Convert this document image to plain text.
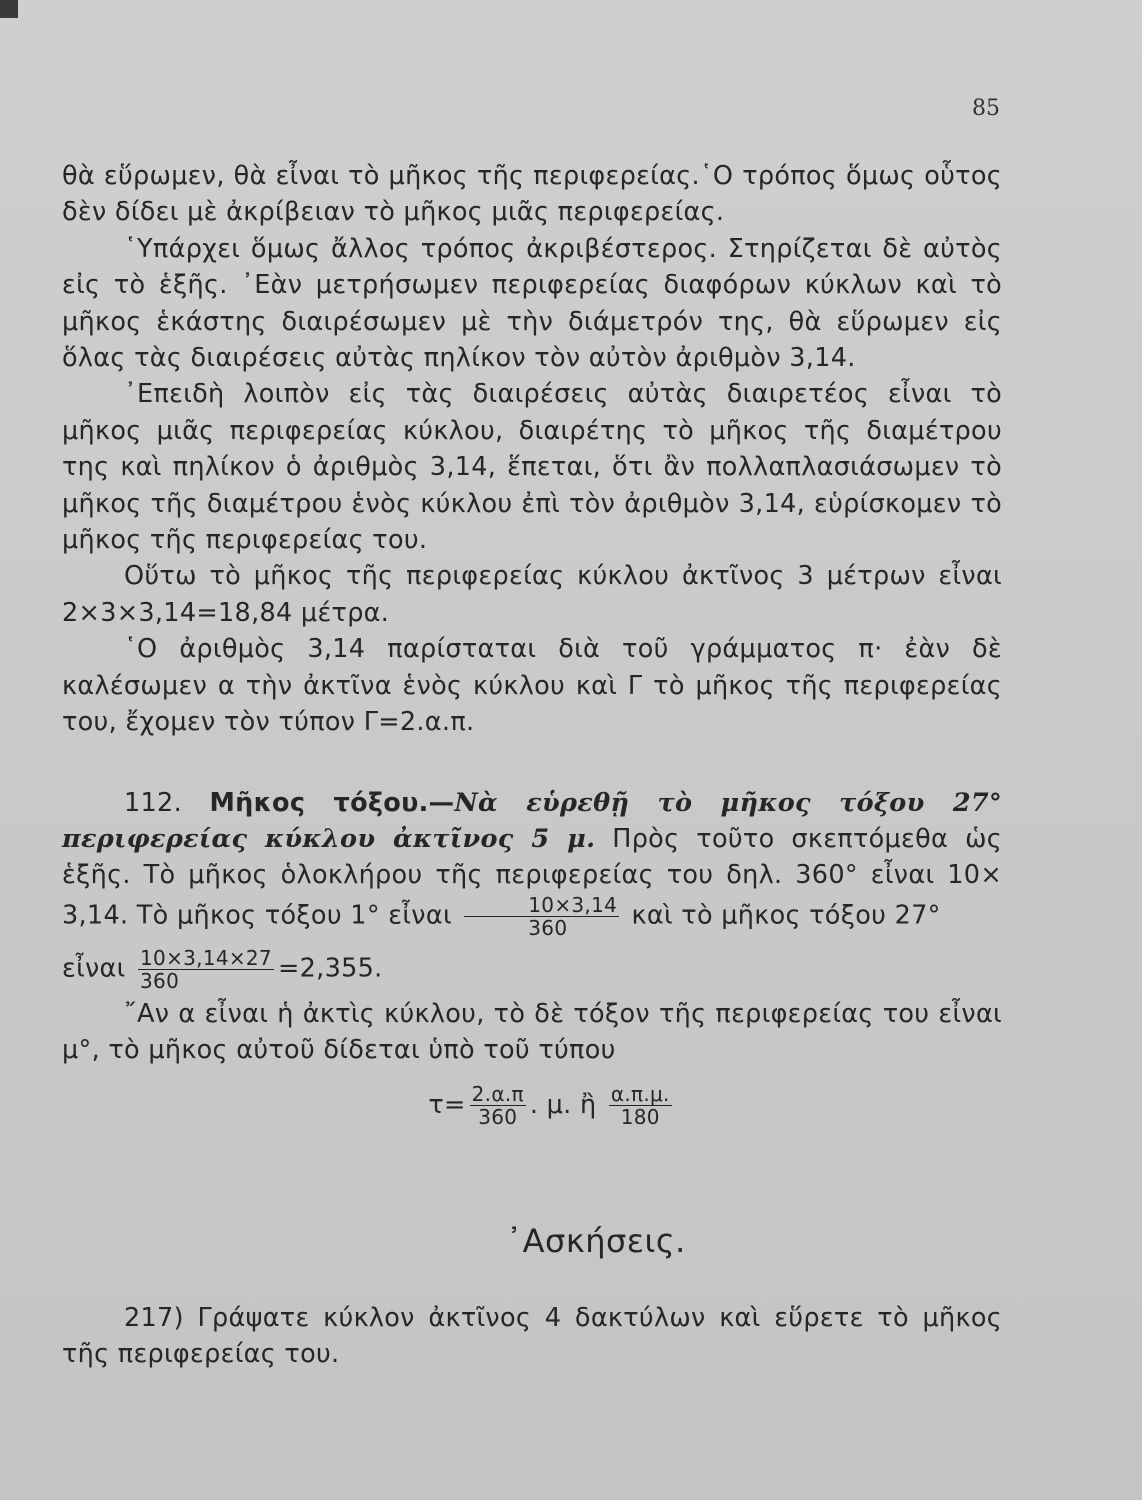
85

θὰ εὕρωμεν, θὰ εἶναι τὸ μῆκος τῆς περιφερείας.῾Ο τρόπος ὅμως οὗτος δὲν δίδει μὲ ἀκρίβειαν τὸ μῆκος μιᾶς περιφερείας.

῾Υπάρχει ὅμως ἄλλος τρόπος ἀκριβέστερος. Στηρίζεται δὲ αὐτὸς εἰς τὸ ἑξῆς. ᾿Εὰν μετρήσωμεν περιφερείας διαφόρων κύκλων καὶ τὸ μῆκος ἑκάστης διαιρέσωμεν μὲ τὴν διάμετρόν της, θὰ εὕρωμεν εἰς ὅλας τὰς διαιρέσεις αὐτὰς πηλίκον τὸν αὐτὸν ἀριθμὸν 3,14.

᾿Επειδὴ λοιπὸν εἰς τὰς διαιρέσεις αὐτὰς διαιρετέος εἶναι τὸ μῆκος μιᾶς περιφερείας κύκλου, διαιρέτης τὸ μῆκος τῆς διαμέτρου της καὶ πηλίκον ὁ ἀριθμὸς 3,14, ἕπεται, ὅτι ἂν πολλαπλασιάσωμεν τὸ μῆκος τῆς διαμέτρου ἑνὸς κύκλου ἐπὶ τὸν ἀριθμὸν 3,14, εὑρίσκομεν τὸ μῆκος τῆς περιφερείας του.

Οὕτω τὸ μῆκος τῆς περιφερείας κύκλου ἀκτῖνος 3 μέτρων εἶναι 2×3×3,14=18,84 μέτρα.

῾Ο ἀριθμὸς 3,14 παρίσταται διὰ τοῦ γράμματος π· ἐὰν δὲ καλέσωμεν α τὴν ἀκτῖνα ἑνὸς κύκλου καὶ Γ τὸ μῆκος τῆς περιφερείας του, ἔχομεν τὸν τύπον Γ=2.α.π.

112. Μῆκος τόξου.—Νὰ εὑρεθῇ τὸ μῆκος τόξου 27° περιφερείας κύκλου ἀκτῖνος 5 μ. Πρὸς τοῦτο σκεπτόμεθα ὡς ἑξῆς. Τὸ μῆκος ὁλοκλήρου τῆς περιφερείας του δηλ. 360° εἶναι 10× 3,14. Τὸ μῆκος τόξου 1° εἶναι $\frac{10\times 3,14}{360}$ καὶ τὸ μῆκος τόξου 27°

εἶναι $\frac{10\times 3,14\times 27}{360} =2,355$.

῎Αν α εἶναι ἡ ἀκτὶς κύκλου, τὸ δὲ τόξον τῆς περιφερείας του εἶναι μ°, τὸ μῆκος αὐτοῦ δίδεται ὑπὸ τοῦ τύπου

$\tau= \frac{2.\alpha.\pi}{360}$ . μ. ἢ $\frac{\alpha.\pi.\mu.}{180}$
᾿Ασκήσεις.

217) Γράψατε κύκλον ἀκτῖνος 4 δακτύλων καὶ εὕρετε τὸ μῆκος τῆς περιφερείας του.
